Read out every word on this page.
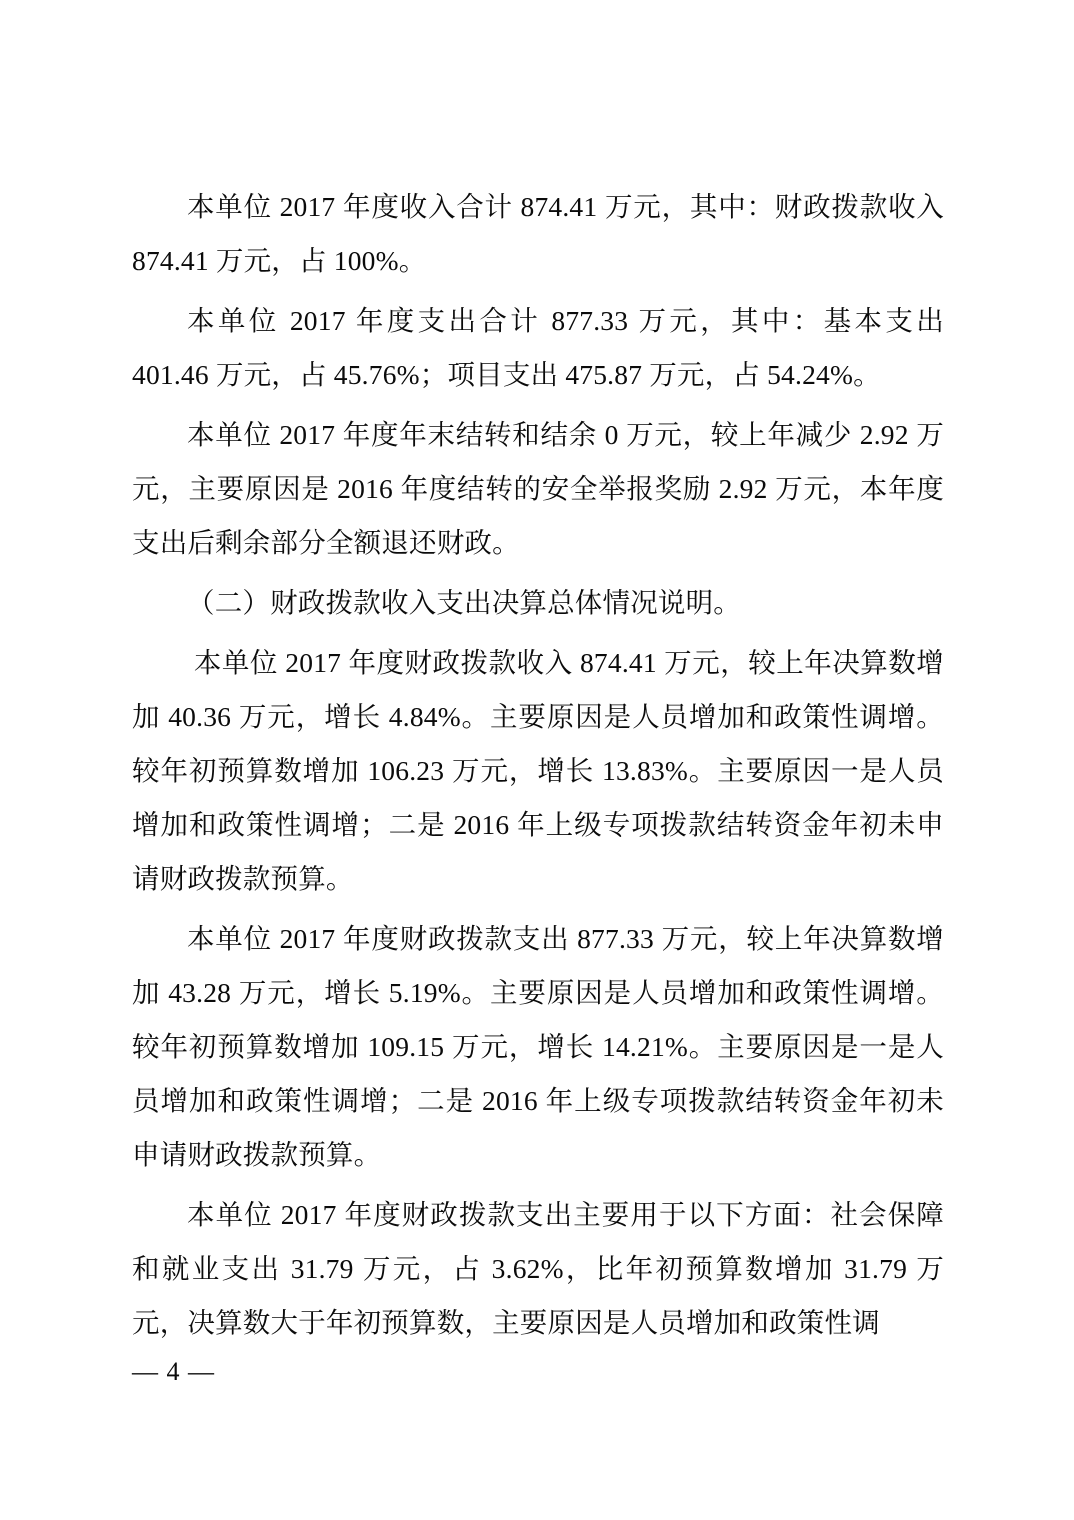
本单位 2017 年度收入合计 874.41 万元，其中：财政拨款收入 874.41 万元，占 100%。

本单位 2017 年度支出合计 877.33 万元，其中：基本支出 401.46 万元，占 45.76%；项目支出 475.87 万元，占 54.24%。

本单位 2017 年度年末结转和结余 0 万元，较上年减少 2.92 万元，主要原因是 2016 年度结转的安全举报奖励 2.92 万元，本年度支出后剩余部分全额退还财政。

（二）财政拨款收入支出决算总体情况说明。

本单位 2017 年度财政拨款收入 874.41 万元，较上年决算数增加 40.36 万元，增长 4.84%。主要原因是人员增加和政策性调增。较年初预算数增加 106.23 万元，增长 13.83%。主要原因一是人员增加和政策性调增；二是 2016 年上级专项拨款结转资金年初未申请财政拨款预算。

本单位 2017 年度财政拨款支出 877.33 万元，较上年决算数增加 43.28 万元，增长 5.19%。主要原因是人员增加和政策性调增。较年初预算数增加 109.15 万元，增长 14.21%。主要原因是一是人员增加和政策性调增；二是 2016 年上级专项拨款结转资金年初未申请财政拨款预算。

本单位 2017 年度财政拨款支出主要用于以下方面：社会保障和就业支出 31.79 万元，占 3.62%，比年初预算数增加 31.79 万元，决算数大于年初预算数，主要原因是人员增加和政策性调

— 4 —
